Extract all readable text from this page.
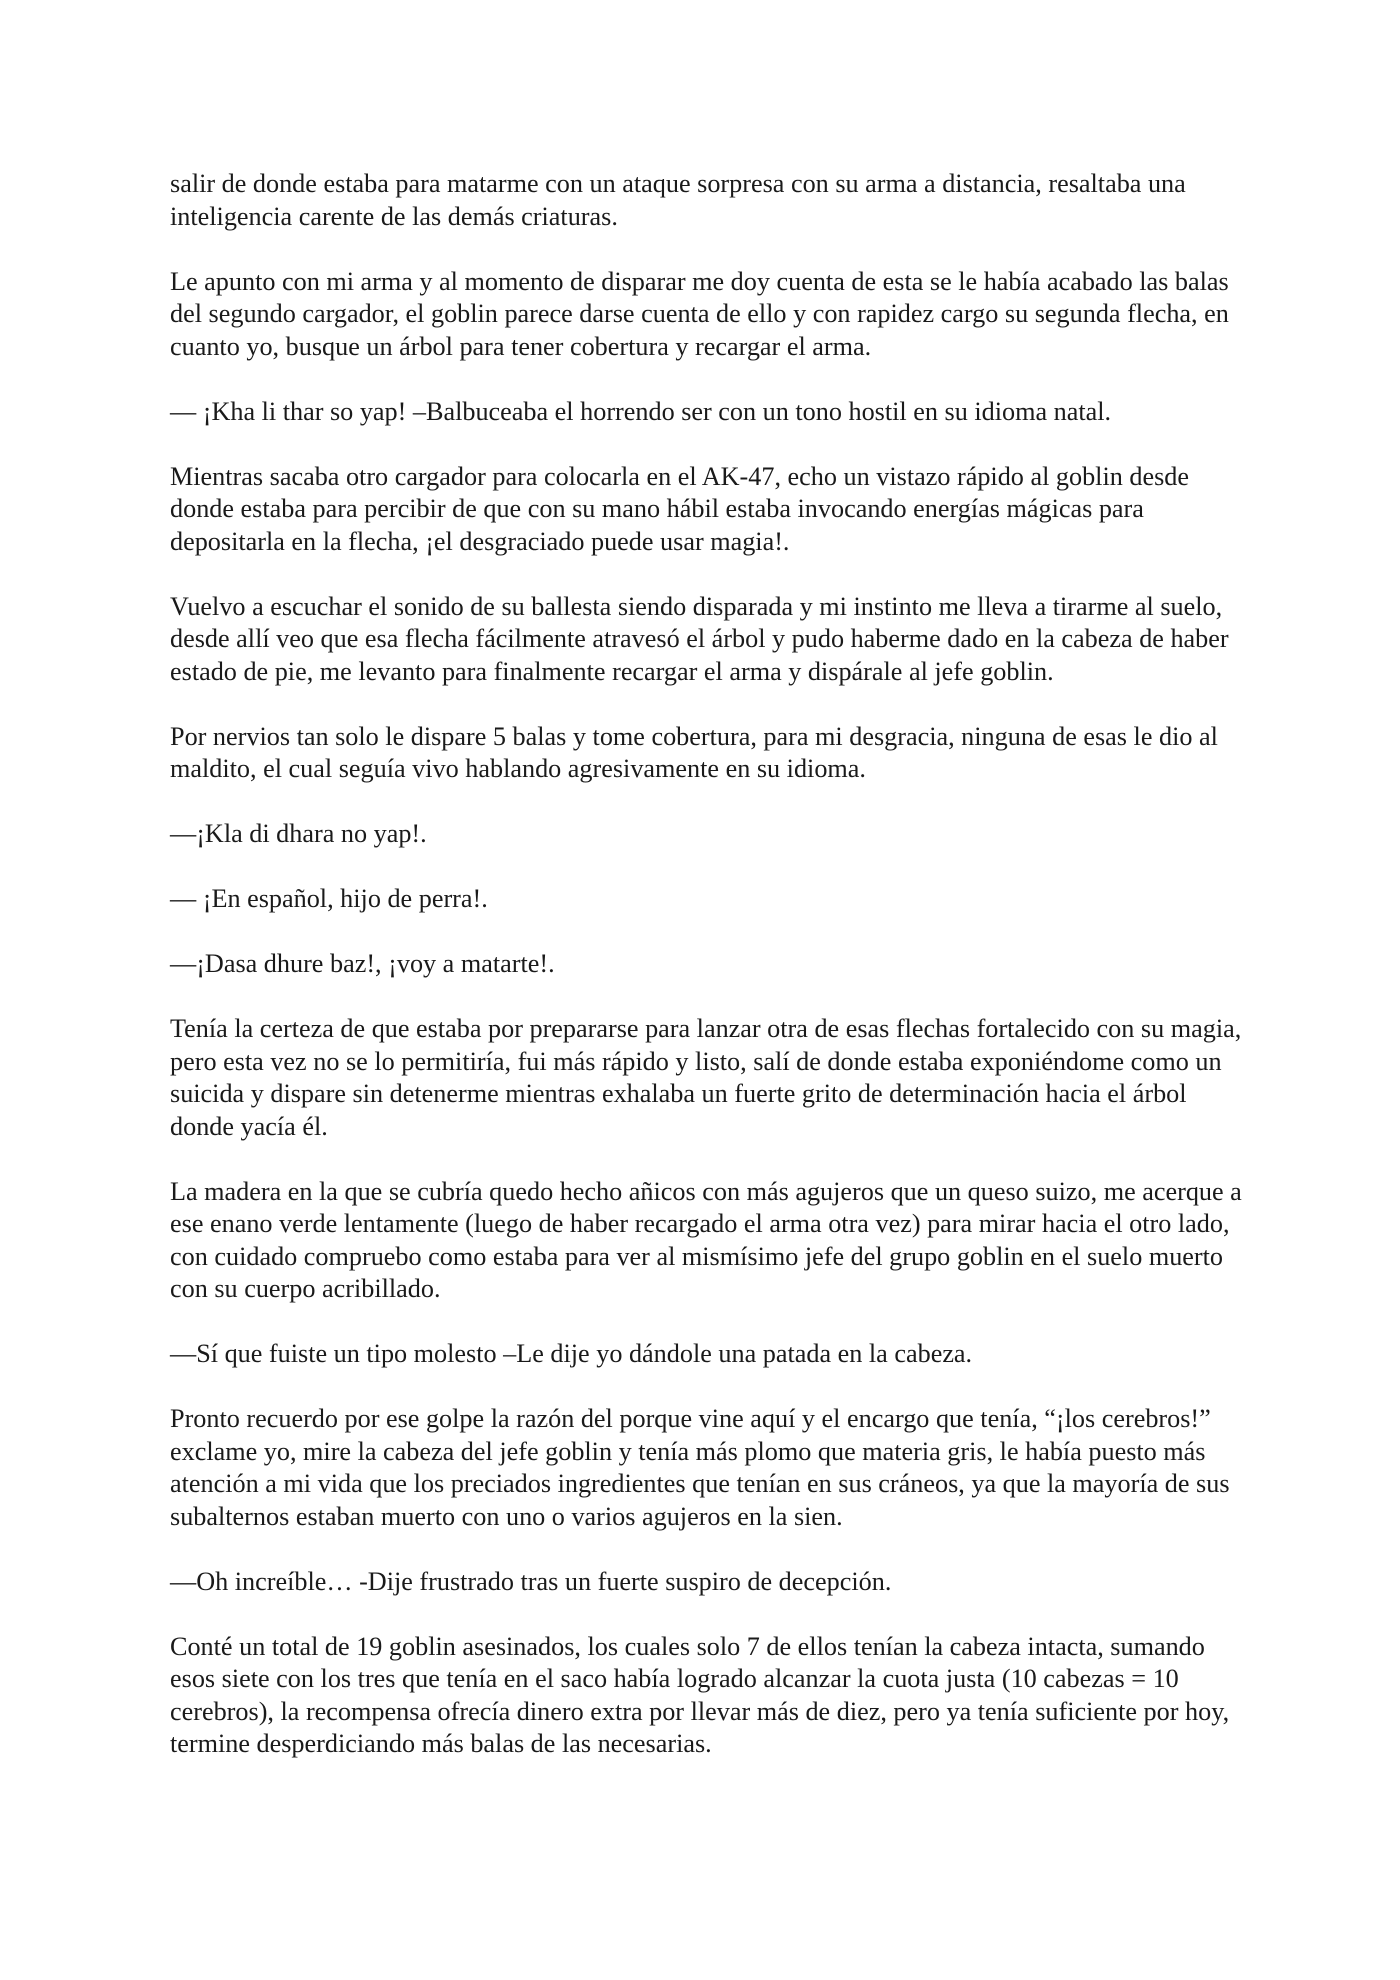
salir de donde estaba para matarme con un ataque sorpresa con su arma a distancia, resaltaba una inteligencia carente de las demás criaturas.

Le apunto con mi arma y al momento de disparar me doy cuenta de esta se le había acabado las balas del segundo cargador, el goblin parece darse cuenta de ello y con rapidez cargo su segunda flecha, en cuanto yo, busque un árbol para tener cobertura y recargar el arma.

— ¡Kha li thar so yap! –Balbuceaba el horrendo ser con un tono hostil en su idioma natal.

Mientras sacaba otro cargador para colocarla en el AK-47, echo un vistazo rápido al goblin desde donde estaba para percibir de que con su mano hábil estaba invocando energías mágicas para depositarla en la flecha, ¡el desgraciado puede usar magia!.

Vuelvo a escuchar el sonido de su ballesta siendo disparada y mi instinto me lleva a tirarme al suelo, desde allí veo que esa flecha fácilmente atravesó el árbol y pudo haberme dado en la cabeza de haber estado de pie, me levanto para finalmente recargar el arma y dispárale al jefe goblin.

Por nervios tan solo le dispare 5 balas y tome cobertura, para mi desgracia, ninguna de esas le dio al maldito, el cual seguía vivo hablando agresivamente en su idioma.

—¡Kla di dhara no yap!.

— ¡En español, hijo de perra!.

—¡Dasa dhure baz!, ¡voy a matarte!.

Tenía la certeza de que estaba por prepararse para lanzar otra de esas flechas fortalecido con su magia, pero esta vez no se lo permitiría, fui más rápido y listo, salí de donde estaba exponiéndome como un suicida y dispare sin detenerme mientras exhalaba un fuerte grito de determinación hacia el árbol donde yacía él.

La madera en la que se cubría quedo hecho añicos con más agujeros que un queso suizo, me acerque a ese enano verde lentamente (luego de haber recargado el arma otra vez) para mirar hacia el otro lado, con cuidado compruebo como estaba para ver al mismísimo jefe del grupo goblin en el suelo muerto con su cuerpo acribillado.

—Sí que fuiste un tipo molesto –Le dije yo dándole una patada en la cabeza.

Pronto recuerdo por ese golpe la razón del porque vine aquí y el encargo que tenía, “¡los cerebros!” exclame yo, mire la cabeza del jefe goblin y tenía más plomo que materia gris, le había puesto más atención a mi vida que los preciados ingredientes que tenían en sus cráneos, ya que la mayoría de sus subalternos estaban muerto con uno o varios agujeros en la sien.

—Oh increíble… -Dije frustrado tras un fuerte suspiro de decepción.

Conté un total de 19 goblin asesinados, los cuales solo 7 de ellos tenían la cabeza intacta, sumando esos siete con los tres que tenía en el saco había logrado alcanzar la cuota justa (10 cabezas = 10 cerebros), la recompensa ofrecía dinero extra por llevar más de diez, pero ya tenía suficiente por hoy, termine desperdiciando más balas de las necesarias.
